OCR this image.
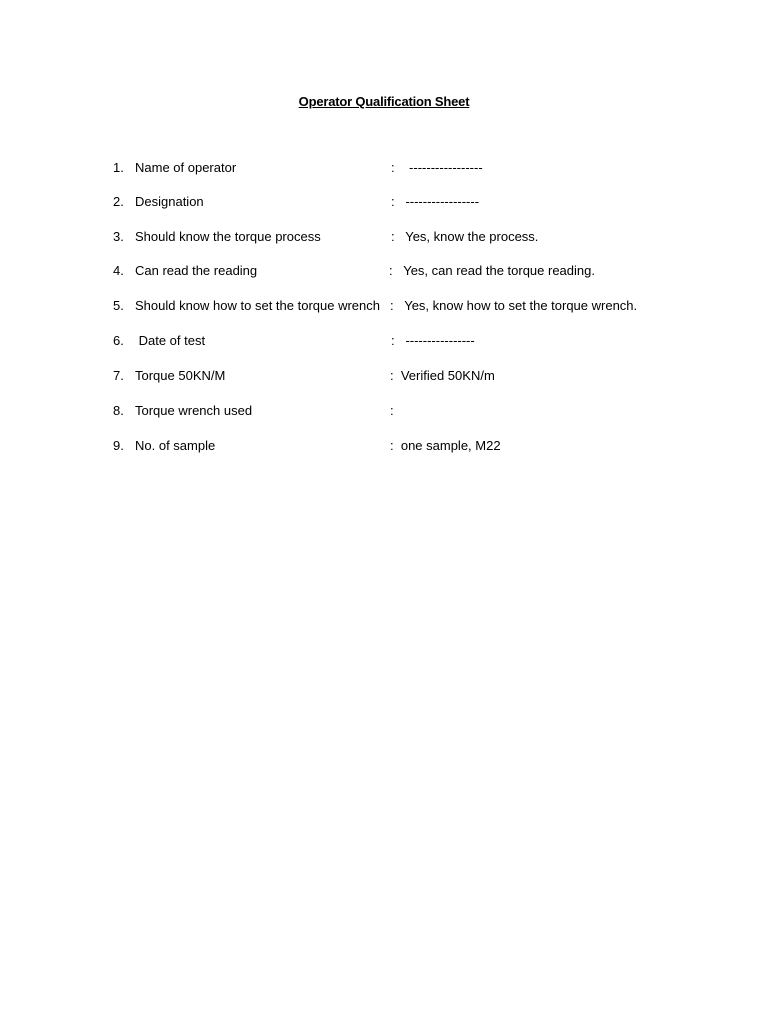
Operator Qualification Sheet
1. Name of operator	:    -----------------
2. Designation	:   -----------------
3. Should know the torque process	:   Yes, know the process.
4. Can read the reading	:   Yes, can read the torque reading.
5. Should know how to set the torque wrench :   Yes, know how to set the torque wrench.
6. Date of test	:   ----------------
7. Torque 50KN/M	:  Verified 50KN/m
8. Torque wrench used	:
9. No. of sample	:  one sample, M22
